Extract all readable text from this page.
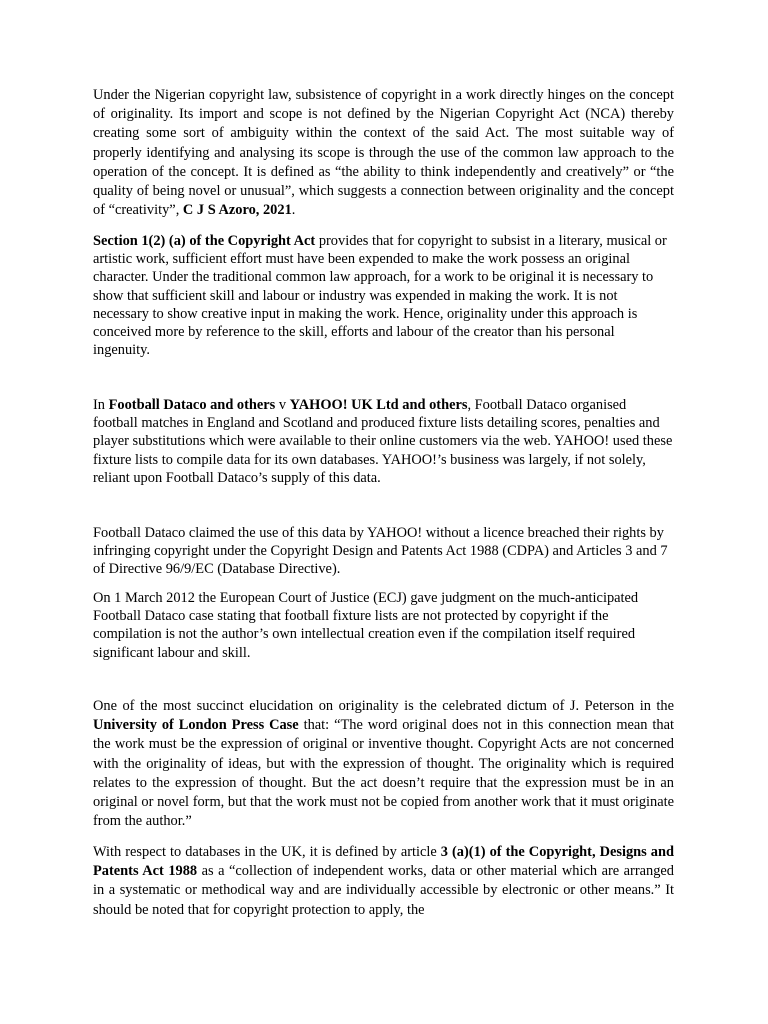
Under the Nigerian copyright law, subsistence of copyright in a work directly hinges on the concept of originality. Its import and scope is not defined by the Nigerian Copyright Act (NCA) thereby creating some sort of ambiguity within the context of the said Act. The most suitable way of properly identifying and analysing its scope is through the use of the common law approach to the operation of the concept. It is defined as “the ability to think independently and creatively” or “the quality of being novel or unusual”, which suggests a connection between originality and the concept of “creativity”, C J S Azoro, 2021.

Section 1(2) (a) of the Copyright Act provides that for copyright to subsist in a literary, musical or artistic work, sufficient effort must have been expended to make the work possess an original character. Under the traditional common law approach, for a work to be original it is necessary to show that sufficient skill and labour or industry was expended in making the work. It is not necessary to show creative input in making the work. Hence, originality under this approach is conceived more by reference to the skill, efforts and labour of the creator than his personal ingenuity.

In Football Dataco and others v YAHOO! UK Ltd and others, Football Dataco organised football matches in England and Scotland and produced fixture lists detailing scores, penalties and player substitutions which were available to their online customers via the web. YAHOO! used these fixture lists to compile data for its own databases. YAHOO!’s business was largely, if not solely, reliant upon Football Dataco’s supply of this data.

Football Dataco claimed the use of this data by YAHOO! without a licence breached their rights by infringing copyright under the Copyright Design and Patents Act 1988 (CDPA) and Articles 3 and 7 of Directive 96/9/EC (Database Directive).

On 1 March 2012 the European Court of Justice (ECJ) gave judgment on the much-anticipated Football Dataco case stating that football fixture lists are not protected by copyright if the compilation is not the author’s own intellectual creation even if the compilation itself required significant labour and skill.

One of the most succinct elucidation on originality is the celebrated dictum of J. Peterson in the University of London Press Case that: “The word original does not in this connection mean that the work must be the expression of original or inventive thought. Copyright Acts are not concerned with the originality of ideas, but with the expression of thought. The originality which is required relates to the expression of thought. But the act doesn’t require that the expression must be in an original or novel form, but that the work must not be copied from another work that it must originate from the author.”

With respect to databases in the UK, it is defined by article 3 (a)(1) of the Copyright, Designs and Patents Act 1988 as a “collection of independent works, data or other material which are arranged in a systematic or methodical way and are individually accessible by electronic or other means.” It should be noted that for copyright protection to apply, the
